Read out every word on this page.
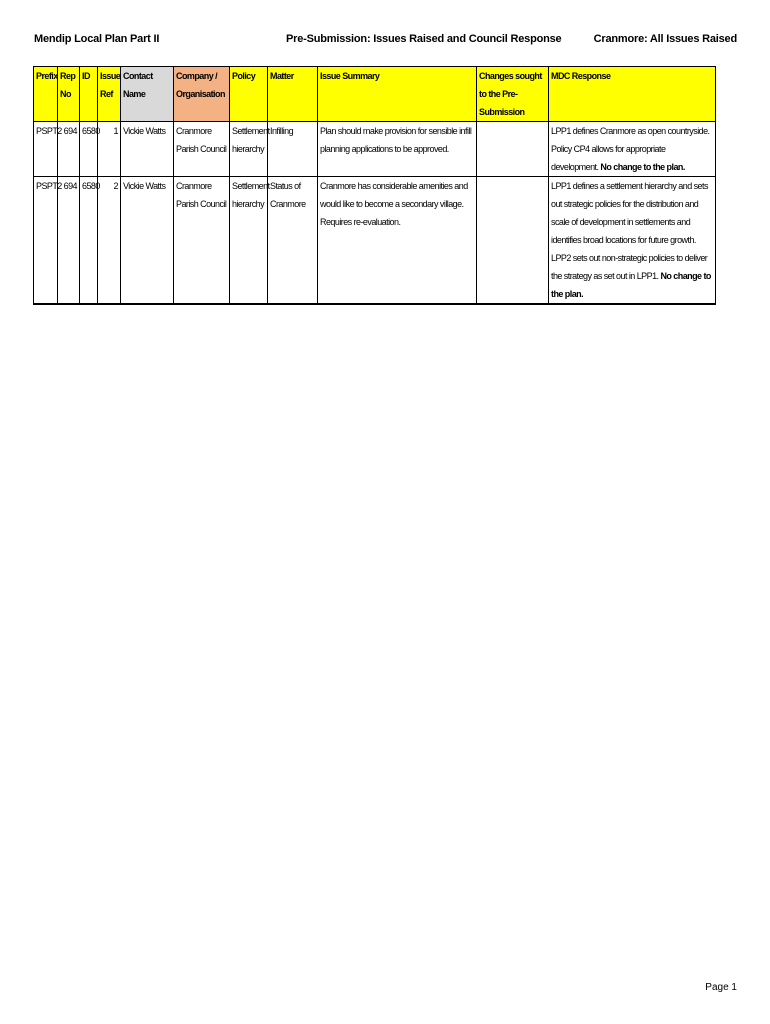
Mendip Local Plan Part II	Pre-Submission: Issues Raised and Council Response	Cranmore: All Issues Raised
Prefix	Rep No	ID	Issue Ref	Contact Name	Company / Organisation	Policy	Matter	Issue Summary	Changes sought to the Pre-Submission	MDC Response
PSPT2	694	6580	1	Vickie Watts	Cranmore Parish Council	Settlement hierarchy	Infilling	Plan should make provision for sensible infill planning applications to be approved.		LPP1 defines Cranmore as open countryside. Policy CP4 allows for appropriate development. No change to the plan.
PSPT2	694	6580	2	Vickie Watts	Cranmore Parish Council	Settlement hierarchy	Status of Cranmore	Cranmore has considerable amenities and would like to become a secondary village. Requires re-evaluation.		LPP1 defines a settlement hierarchy and sets out strategic policies for the distribution and scale of development in settlements and identifies broad locations for future growth. LPP2 sets out non-strategic policies to deliver the strategy as set out in LPP1. No change to the plan.
Page 1
